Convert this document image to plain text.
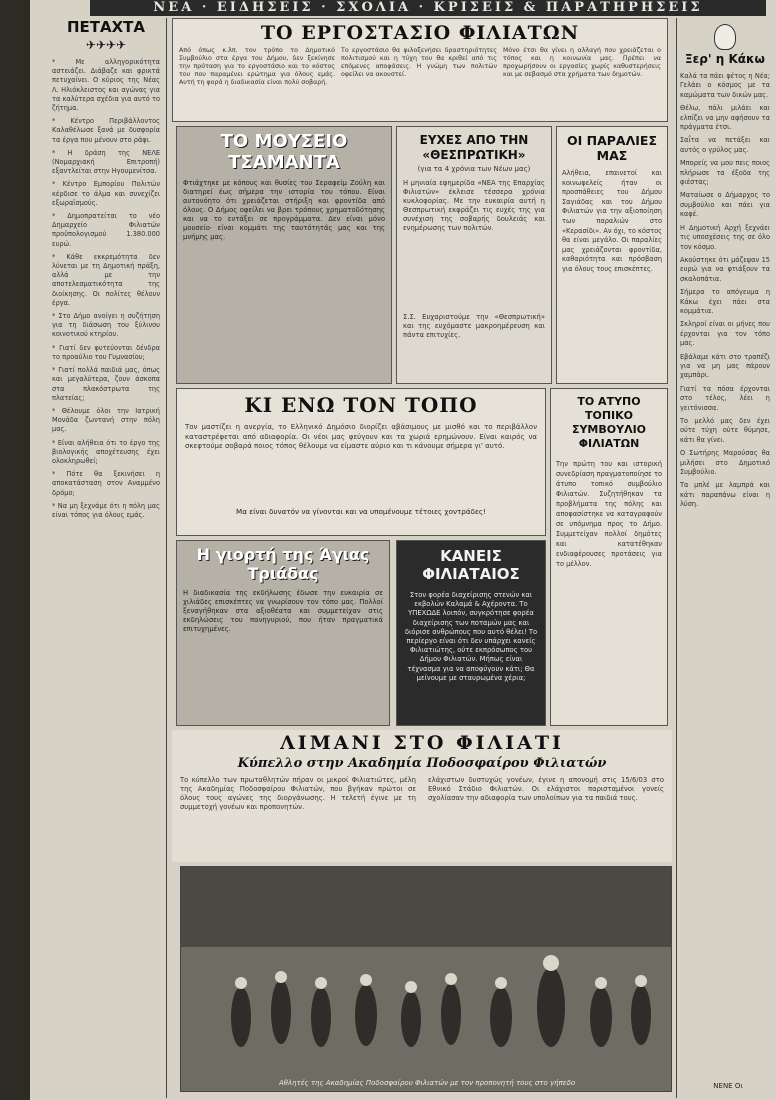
ΝΕΑ · ΕΙΔΗΣΕΙΣ · ΣΧΟΛΙΑ · ΚΡΙΣΕΙΣ & ΠΑΡΑΤΗΡΗΣΕΙΣ
ΠΕΤΑΧΤΑ
✈✈✈✈

* Με αλληγορικότητα αστειάζει. Διάβαζε και φρικτά πετυχαίνει. Ο κύριος της Νέας Λ. Ηλιόκλειστος και αγώνας για τα καλύτερα σχέδια για αυτό το ζήτημα.

* Κέντρο Περιβάλλοντος Καλαθέλωσε ξανά με δυσφορία τα έργα που μένουν στο ράφι.

* Η δράση της ΝΕΛΕ (Νομαρχιακή Επιτροπή) εξαντλείται στην Ηγουμενίτσα.

* Κέντρο Εμπορίου Πολιτών κέρδισε το άλμα και συνεχίζει εξωραϊσμούς.

* Δημοπρατείται το νέο Δημαρχείο Φιλιατών προϋπολογισμού 1.380.000 ευρώ.

* Κάθε εκκρεμότητα δεν λύνεται με τη Δημοτική πράξη, αλλά με την αποτελεσματικότητα της διοίκησης. Οι πολίτες θέλουν έργα.

* Στο Δήμο ανοίγει η συζήτηση για τη διάσωση του ξύλινου κοινοτικού κτηρίου.

* Γιατί δεν φυτεύονται δένδρα το προαύλιο του Γυμνασίου;

* Γιατί πολλά παιδιά μας, όπως και μεγαλύτερα, ζουν άσκοπα στα πλακόστρωτα της πλατείας;

* Θέλουμε όλοι την Ιατρική Μονάδα ζωντανή στην πόλη μας.

* Είναι αλήθεια ότι το έργο της βιολογικής αποχέτευσης έχει ολοκληρωθεί;

* Πότε θα ξεκινήσει η αποκατάσταση στον Αναμμένο δρόμο;

* Να μη ξεχνάμε ότι η πόλη μας είναι τόπος για όλους εμάς.

ΤΟ ΕΡΓΟΣΤΑΣΙΟ ΦΙΛΙΑΤΩΝ
Από όπως κ.λπ. τον τρόπο το Δημοτικό Συμβούλιο στα έργα του Δήμου, δεν ξεκίνησε την πρόταση για το εργοστάσιο και το κόστος του που παραμένει ερώτημα για όλους εμάς. Αυτή τη φορά η διαδικασία είναι πολύ σοβαρή.
Το εργοστάσιο θα φιλοξενήσει δραστηριότητες πολιτισμού και η τύχη του θα κριθεί από τις επόμενες αποφάσεις. Η γνώμη των πολιτών οφείλει να ακουστεί.
Μόνο έτσι θα γίνει η αλλαγή που χρειάζεται ο τόπος και η κοινωνία μας. Πρέπει να προχωρήσουν οι εργασίες χωρίς καθυστερήσεις και με σεβασμό στα χρήματα των δημοτών.
ΤΟ ΜΟΥΣΕΙΟ ΤΣΑΜΑΝΤΑ
Φτιάχτηκε με κόπους και θυσίες του Σεραφείμ Ζούλη και διατηρεί έως σήμερα την ιστορία του τόπου. Είναι αυτονόητο ότι χρειάζεται στήριξη και φροντίδα από όλους. Ο Δήμος οφείλει να βρει τρόπους χρηματοδότησης και να το εντάξει σε προγράμματα. Δεν είναι μόνο μουσείο· είναι κομμάτι της ταυτότητάς μας και της μνήμης μας.
ΕΥΧΕΣ ΑΠΟ ΤΗΝ «ΘΕΣΠΡΩΤΙΚΗ»
(για τα 4 χρόνια των Νέων μας)
Η μηνιαία εφημερίδα «ΝΕΑ της Επαρχίας Φιλιατών» έκλεισε τέσσερα χρόνια κυκλοφορίας. Με την ευκαιρία αυτή η Θεσπρωτική εκφράζει τις ευχές της για συνέχιση της σοβαρής δουλειάς και ενημέρωσης των πολιτών.
Σ.Σ. Ευχαριστούμε την «Θεσπρωτική» και της ευχόμαστε μακροημέρευση και πάντα επιτυχίες.
ΟΙ ΠΑΡΑΛΙΕΣ ΜΑΣ
Αλήθεια, επαινετοί και κοινωφελείς ήταν οι προσπάθειες του Δήμου Σαγιάδας και του Δήμου Φιλιατών για την αξιοποίηση των παραλιών στο «Κερασίδι». Αν όχι, το κόστος θα είναι μεγάλο. Οι παραλίες μας χρειάζονται φροντίδα, καθαριότητα και πρόσβαση για όλους τους επισκέπτες.
ΚΙ ΕΝΩ ΤΟΝ ΤΟΠΟ
Τον μαστίζει η ανεργία, το Ελληνικό Δημόσιο διορίζει αβάσιμους με μισθό και το περιβάλλον καταστρέφεται από αδιαφορία. Οι νέοι μας φεύγουν και τα χωριά ερημώνουν. Είναι καιρός να σκεφτούμε σοβαρά ποιος τόπος θέλουμε να είμαστε αύριο και τι κάνουμε σήμερα γι' αυτό.
Μα είναι δυνατόν να γίνονται και να υπομένουμε τέτοιες χοντράδες!
ΤΟ ΑΤΥΠΟ ΤΟΠΙΚΟ ΣΥΜΒΟΥΛΙΟ ΦΙΛΙΑΤΩΝ
Την πρώτη του και ιστορική συνεδρίαση πραγματοποίησε το άτυπο τοπικό συμβούλιο Φιλιατών. Συζητήθηκαν τα προβλήματα της πόλης και αποφασίστηκε να καταγραφούν σε υπόμνημα προς το Δήμο. Συμμετείχαν πολλοί δημότες και κατατέθηκαν ενδιαφέρουσες προτάσεις για το μέλλον.
Η γιορτή της Άγιας Τριάδας
Η διαδικασία της εκδήλωσης έδωσε την ευκαιρία σε χιλιάδες επισκέπτες να γνωρίσουν τον τόπο μας. Πολλοί ξεναγήθηκαν στα αξιοθέατα και συμμετείχαν στις εκδηλώσεις του πανηγυριού, που ήταν πραγματικά επιτυχημένες.
ΚΑΝΕΙΣ ΦΙΛΙΑΤΑΙΟΣ
Στον φορέα διαχείρισης στενών και εκβολών Καλαμά & Αχέροντα. Το ΥΠΕΧΩΔΕ λοιπόν, συγκρότησε φορέα διαχείρισης των ποταμών μας και διόρισε ανθρώπους που αυτό θέλει! Το περίεργο είναι ότι δεν υπάρχει κανείς Φιλιατιώτης, ούτε εκπρόσωπος του Δήμου Φιλιατών. Μήπως είναι τέχνασμα για να αποφύγουν κάτι; Θα μείνουμε με σταυρωμένα χέρια;
ΛΙΜΑΝΙ ΣΤΟ ΦΙΛΙΑΤΙ
Κύπελλο στην Ακαδημία Ποδοσφαίρου Φιλιατών
Το κύπελλο των πρωταθλητών πήραν οι μικροί Φιλιατιώτες, μέλη της Ακαδημίας Ποδοσφαίρου Φιλιατών, που βγήκαν πρώτοι σε όλους τους αγώνες της διοργάνωσης. Η τελετή έγινε με τη συμμετοχή γονέων και προπονητών.
ελάχιστων δυστυχώς γονέων, έγινε η απονομή στις 15/6/03 στο Εθνικό Στάδιο Φιλιατών. Οι ελάχιστοι παρισταμένοι γονείς σχολίασαν την αδιαφορία των υπολοίπων για τα παιδιά τους.
Αθλητές της Ακαδημίας Ποδοσφαίρου Φιλιατών με τον προπονητή τους στο γήπεδο
Ξερ' η Κάκω

Καλά τα πάει φέτος η Νέα; Γελάει ο κόσμος με τα καμώματα των δικών μας.

Θέλω, πάλι μιλάει και ελπίζει να μην αφήσουν τα πράγματα έτσι.

Σαΐτα να πετάξει και αυτός ο γρύλος μας.

Μπορείς να μου πεις ποιος πλήρωσε τα έξοδα της φιέστας;

Ματαίωσε ο Δήμαρχος το συμβούλιο και πάει για καφέ.

Η Δημοτική Αρχή ξεχνάει τις υποσχέσεις της σε όλο τον κόσμο.

Ακούστηκε ότι μάζεψαν 15 ευρώ για να φτιάξουν τα σκαλοπάτια.

Σήμερα το απόγευμα η Κάκω έχει πάει στα κομμάτια.

Σκληροί είναι οι μήνες που έρχονται για τον τόπο μας.

Εβάλαμε κάτι στο τραπέζι για να μη μας πάρουν χαμπάρι.

Γιατί τα πόσα έρχονται στο τέλος, λέει η γειτόνισσα.

Το μελλό μας δεν έχει ούτε τύχη ούτε θύμησε, κάτι θα γίνει.

Ο Σωτήρης Μαρούσας θα μιλήσει στο Δημοτικό Συμβούλιο.

Τα μπλέ με λαμπρά και κάτι παραπάνω είναι η λύση.

ΝΕΝΕ Οι
